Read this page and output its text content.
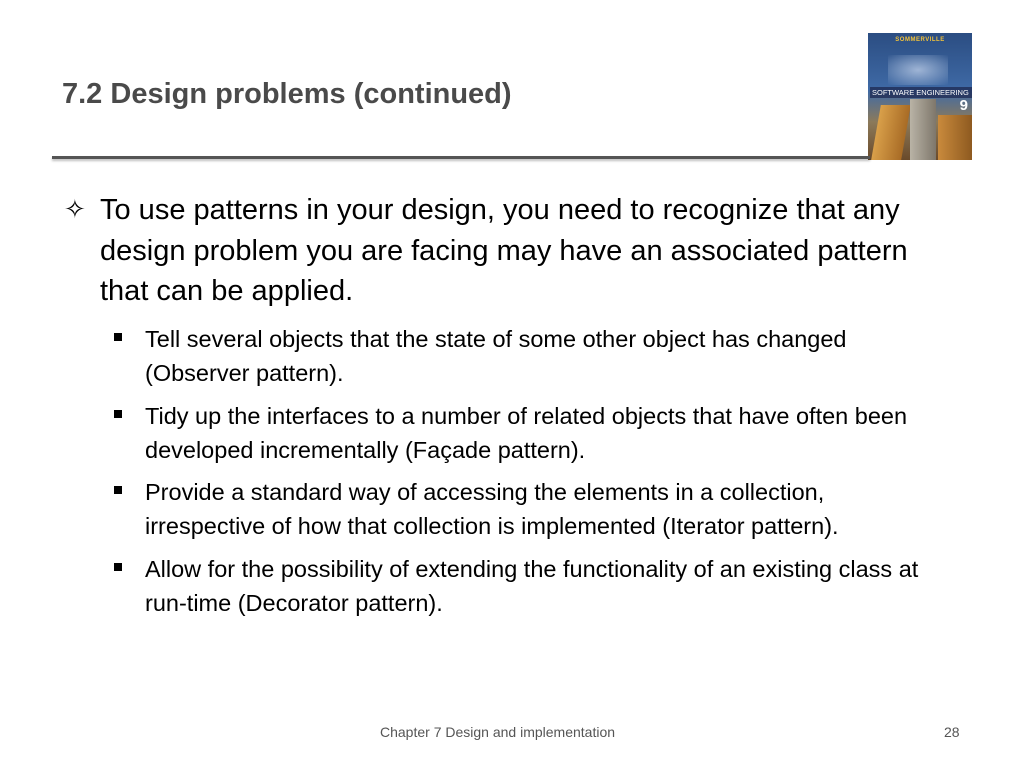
7.2 Design problems (continued)
SOMMERVILLE
SOFTWARE ENGINEERING
9
✧ To use patterns in your design, you need to recognize that any design problem you are facing may have an associated pattern that can be applied.
Tell several objects that the state of some other object has changed (Observer pattern).
Tidy up the interfaces to a number of related objects that have often been developed incrementally (Façade pattern).
Provide a standard way of accessing the elements in a collection, irrespective of how that collection is implemented (Iterator pattern).
Allow for the possibility of extending the functionality of an existing class at run-time (Decorator pattern).
Chapter 7 Design and implementation	28
